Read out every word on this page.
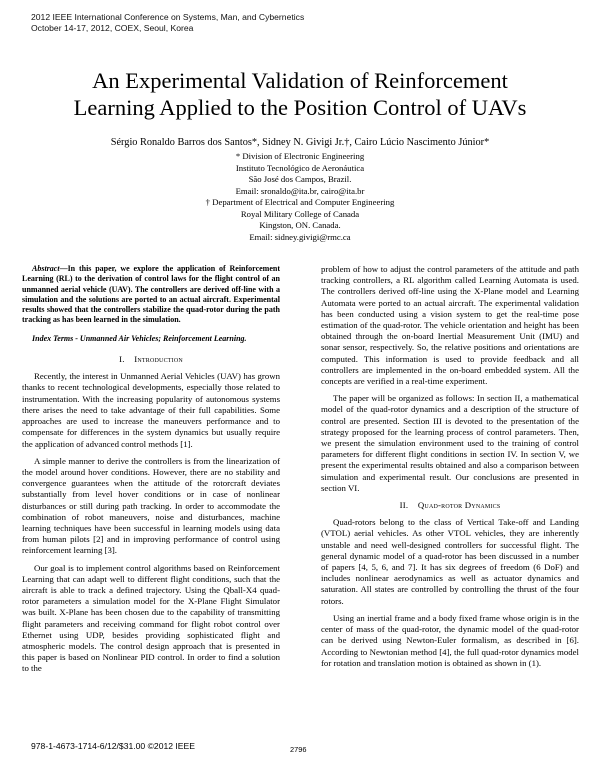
2012 IEEE International Conference on Systems, Man, and Cybernetics
October 14-17, 2012, COEX, Seoul, Korea
An Experimental Validation of Reinforcement
Learning Applied to the Position Control of UAVs
Sérgio Ronaldo Barros dos Santos*, Sidney N. Givigi Jr.†, Cairo Lúcio Nascimento Júnior*
* Division of Electronic Engineering
Instituto Tecnológico de Aeronáutica
São José dos Campos, Brazil.
Email: sronaldo@ita.br, cairo@ita.br
† Department of Electrical and Computer Engineering
Royal Military College of Canada
Kingston, ON. Canada.
Email: sidney.givigi@rmc.ca

Abstract—In this paper, we explore the application of Reinforcement Learning (RL) to the derivation of control laws for the flight control of an unmanned aerial vehicle (UAV). The controllers are derived off-line with a simulation and the solutions are ported to an actual aircraft. Experimental results showed that the controllers stabilize the quad-rotor during the path tracking as has been learned in the simulation.

Index Terms - Unmanned Air Vehicles; Reinforcement Learning.

I. Introduction

Recently, the interest in Unmanned Aerial Vehicles (UAV) has grown thanks to recent technological developments, especially those related to instrumentation. With the increasing popularity of autonomous systems there arises the need to take advantage of their full capabilities. Some approaches are used to increase the maneuvers performance and to compensate for differences in the system dynamics but usually require the application of advanced control methods [1].

A simple manner to derive the controllers is from the linearization of the model around hover conditions. However, there are no stability and convergence guarantees when the attitude of the rotorcraft deviates substantially from level hover conditions or in case of nonlinear disturbances or still during path tracking. In order to accommodate the combination of robot maneuvers, noise and disturbances, machine learning techniques have been successful in learning models using data from human pilots [2] and in improving performance of control using reinforcement learning [3].

Our goal is to implement control algorithms based on Reinforcement Learning that can adapt well to different flight conditions, such that the aircraft is able to track a defined trajectory. Using the Qball-X4 quad-rotor parameters a simulation model for the X-Plane Flight Simulator was built. X-Plane has been chosen due to the capability of transmitting flight parameters and receiving command for flight robot control over Ethernet using UDP, besides providing sophisticated flight and atmospheric models. The control design approach that is presented in this paper is based on Nonlinear PID control. In order to find a solution to the

problem of how to adjust the control parameters of the attitude and path tracking controllers, a RL algorithm called Learning Automata is used. The controllers derived off-line using the X-Plane model and Learning Automata were ported to an actual aircraft. The experimental validation has been conducted using a vision system to get the real-time pose estimation of the quad-rotor. The vehicle orientation and height has been obtained through the on-board Inertial Measurement Unit (IMU) and sonar sensor, respectively. So, the relative positions and orientations are computed. This information is used to provide feedback and all controllers are implemented in the on-board embedded system. All the concepts are verified in a real-time experiment.

The paper will be organized as follows: In section II, a mathematical model of the quad-rotor dynamics and a description of the structure of control are presented. Section III is devoted to the presentation of the strategy proposed for the learning process of control parameters. Then, we present the simulation environment used to the training of control parameters for different flight conditions in section IV. In section V, we present the experimental results obtained and also a comparison between simulation and experimental result. Our conclusions are presented in section VI.

II. Quad-rotor Dynamics

Quad-rotors belong to the class of Vertical Take-off and Landing (VTOL) aerial vehicles. As other VTOL vehicles, they are inherently unstable and need well-designed controllers for successful flight. The general dynamic model of a quad-rotor has been discussed in a number of papers [4, 5, 6, and 7]. It has six degrees of freedom (6 DoF) and includes nonlinear aerodynamics as well as actuator dynamics and saturation. All states are controlled by controlling the thrust of the four rotors.

Using an inertial frame and a body fixed frame whose origin is in the center of mass of the quad-rotor, the dynamic model of the quad-rotor can be derived using Newton-Euler formalism, as described in [6]. According to Newtonian method [4], the full quad-rotor dynamics model for rotation and translation motion is obtained as shown in (1).

978-1-4673-1714-6/12/$31.00 ©2012 IEEE	2796
